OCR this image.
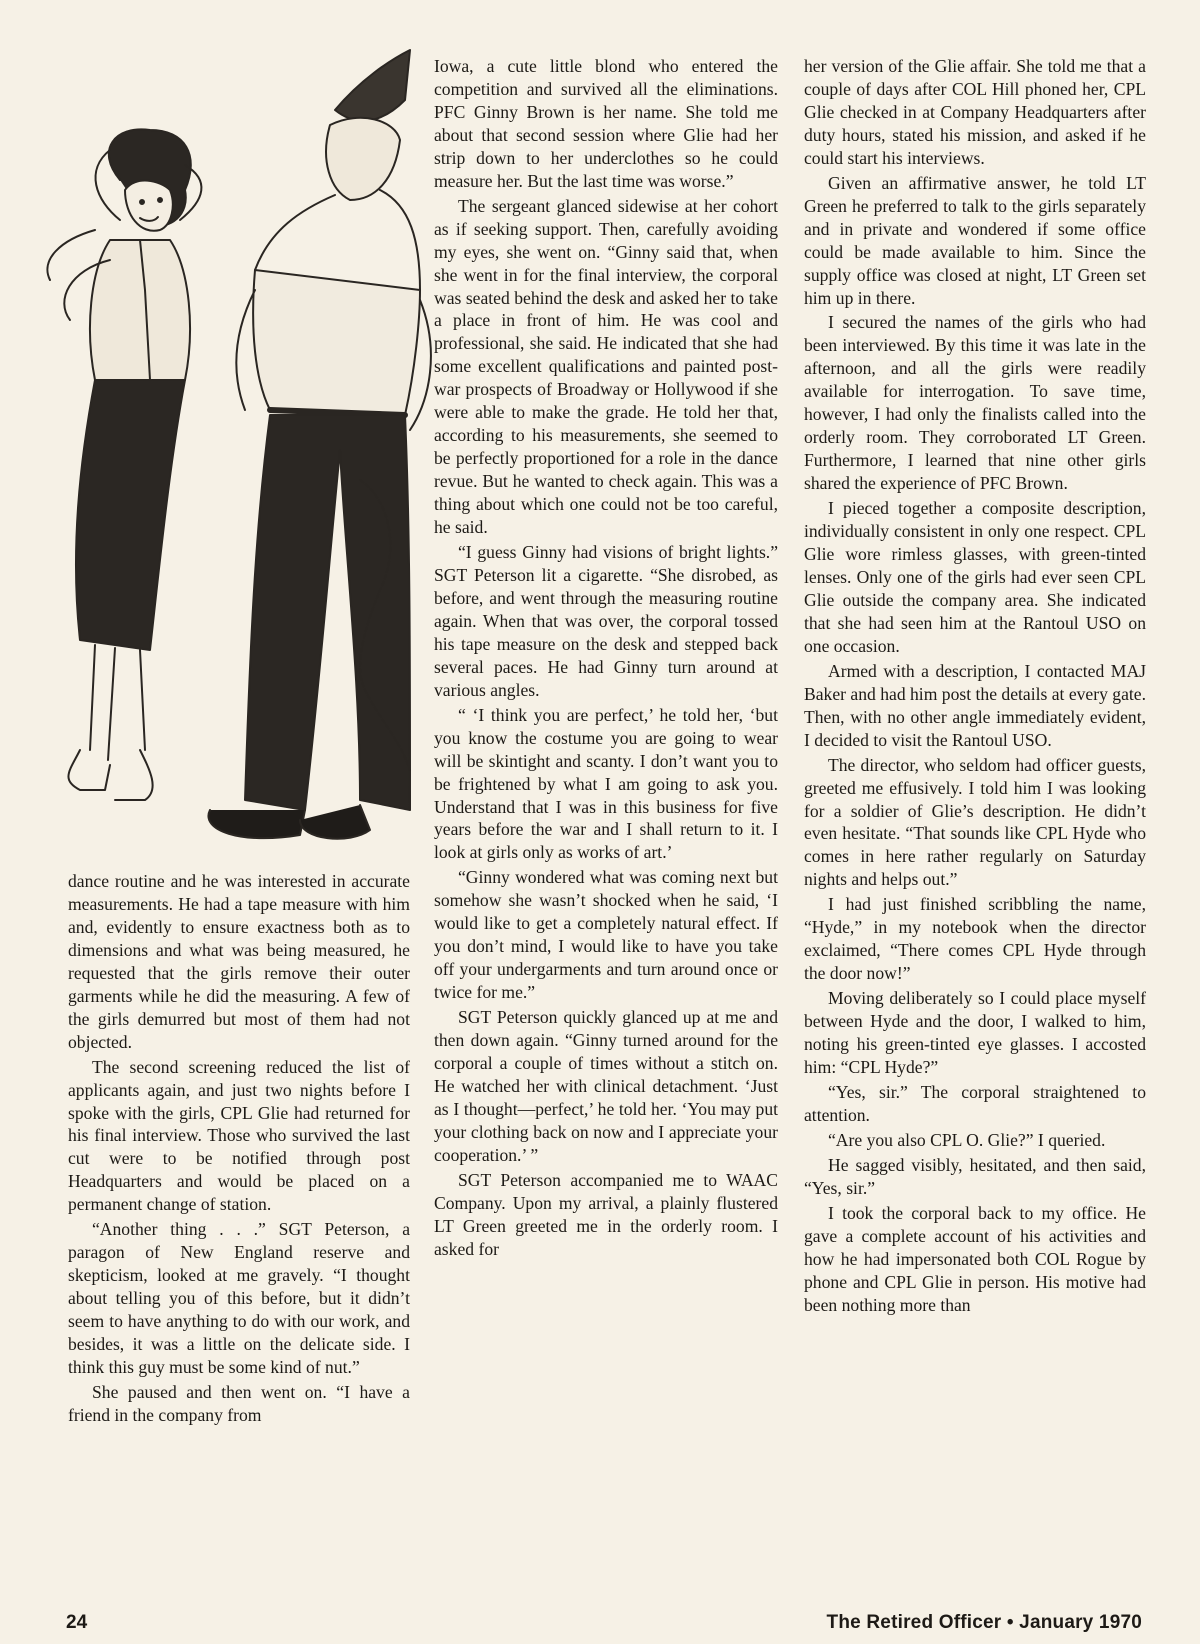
dance routine and he was interested in accurate measurements. He had a tape measure with him and, evidently to ensure exactness both as to dimensions and what was being measured, he requested that the girls remove their outer garments while he did the measuring. A few of the girls demurred but most of them had not objected.

The second screening reduced the list of applicants again, and just two nights before I spoke with the girls, CPL Glie had returned for his final interview. Those who survived the last cut were to be notified through post Headquarters and would be placed on a permanent change of station.

“Another thing . . .” SGT Peterson, a paragon of New England reserve and skepticism, looked at me gravely. “I thought about telling you of this before, but it didn’t seem to have anything to do with our work, and besides, it was a little on the delicate side. I think this guy must be some kind of nut.”

She paused and then went on. “I have a friend in the company from

Iowa, a cute little blond who entered the competition and survived all the eliminations. PFC Ginny Brown is her name. She told me about that second session where Glie had her strip down to her underclothes so he could measure her. But the last time was worse.”

The sergeant glanced sidewise at her cohort as if seeking support. Then, carefully avoiding my eyes, she went on. “Ginny said that, when she went in for the final interview, the corporal was seated behind the desk and asked her to take a place in front of him. He was cool and professional, she said. He indicated that she had some excellent qualifications and painted post-war prospects of Broadway or Hollywood if she were able to make the grade. He told her that, according to his measurements, she seemed to be perfectly proportioned for a role in the dance revue. But he wanted to check again. This was a thing about which one could not be too careful, he said.

“I guess Ginny had visions of bright lights.” SGT Peterson lit a cigarette. “She disrobed, as before, and went through the measuring routine again. When that was over, the corporal tossed his tape measure on the desk and stepped back several paces. He had Ginny turn around at various angles.

“ ‘I think you are perfect,’ he told her, ‘but you know the costume you are going to wear will be skintight and scanty. I don’t want you to be frightened by what I am going to ask you. Understand that I was in this business for five years before the war and I shall return to it. I look at girls only as works of art.’

“Ginny wondered what was coming next but somehow she wasn’t shocked when he said, ‘I would like to get a completely natural effect. If you don’t mind, I would like to have you take off your undergarments and turn around once or twice for me.”

SGT Peterson quickly glanced up at me and then down again. “Ginny turned around for the corporal a couple of times without a stitch on. He watched her with clinical detachment. ‘Just as I thought—perfect,’ he told her. ‘You may put your clothing back on now and I appreciate your cooperation.’ ”

SGT Peterson accompanied me to WAAC Company. Upon my arrival, a plainly flustered LT Green greeted me in the orderly room. I asked for

her version of the Glie affair. She told me that a couple of days after COL Hill phoned her, CPL Glie checked in at Company Headquarters after duty hours, stated his mission, and asked if he could start his interviews.

Given an affirmative answer, he told LT Green he preferred to talk to the girls separately and in private and wondered if some office could be made available to him. Since the supply office was closed at night, LT Green set him up in there.

I secured the names of the girls who had been interviewed. By this time it was late in the afternoon, and all the girls were readily available for interrogation. To save time, however, I had only the finalists called into the orderly room. They corroborated LT Green. Furthermore, I learned that nine other girls shared the experience of PFC Brown.

I pieced together a composite description, individually consistent in only one respect. CPL Glie wore rimless glasses, with green-tinted lenses. Only one of the girls had ever seen CPL Glie outside the company area. She indicated that she had seen him at the Rantoul USO on one occasion.

Armed with a description, I contacted MAJ Baker and had him post the details at every gate. Then, with no other angle immediately evident, I decided to visit the Rantoul USO.

The director, who seldom had officer guests, greeted me effusively. I told him I was looking for a soldier of Glie’s description. He didn’t even hesitate. “That sounds like CPL Hyde who comes in here rather regularly on Saturday nights and helps out.”

I had just finished scribbling the name, “Hyde,” in my notebook when the director exclaimed, “There comes CPL Hyde through the door now!”

Moving deliberately so I could place myself between Hyde and the door, I walked to him, noting his green-tinted eye glasses. I accosted him: “CPL Hyde?”

“Yes, sir.” The corporal straightened to attention.

“Are you also CPL O. Glie?” I queried.

He sagged visibly, hesitated, and then said, “Yes, sir.”

I took the corporal back to my office. He gave a complete account of his activities and how he had impersonated both COL Rogue by phone and CPL Glie in person. His motive had been nothing more than

24	The Retired Officer • January 1970
